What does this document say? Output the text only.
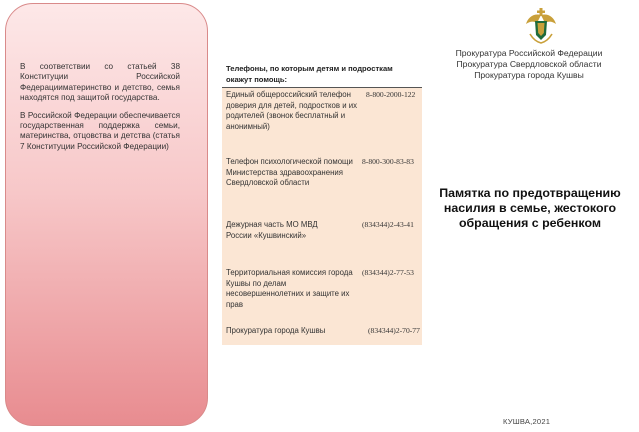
В соответствии со статьей 38 Конституции Российской Федерацииматеринство и детство, семья находятся под защитой государства.

В Российской Федерации обеспечивается государственная поддержка семьи, материнства, отцовства и детства (статья 7 Конституции Российской Федерации)

Телефоны, по которым детям и подросткам окажут помощь:
Единый общероссийский телефон доверия для детей, подростков и их родителей (звонок бесплатный и анонимный)
8-800-2000-122
Телефон психологической помощи Министерства здравоохранения Свердловской области
8-800-300-83-83
Дежурная часть МО МВД России «Кушвинский»
(834344)2-43-41
Территориальная комиссия города Кушвы по делам несовершеннолетних и защите их прав
(834344)2-77-53
Прокуратура города Кушвы	(834344)2-70-77
Прокуратура Российской Федерации
Прокуратура Свердловской области
Прокуратура города Кушвы
Памятка по предотвращению насилия в семье, жестокого обращения с ребенком
КУШВА,2021
